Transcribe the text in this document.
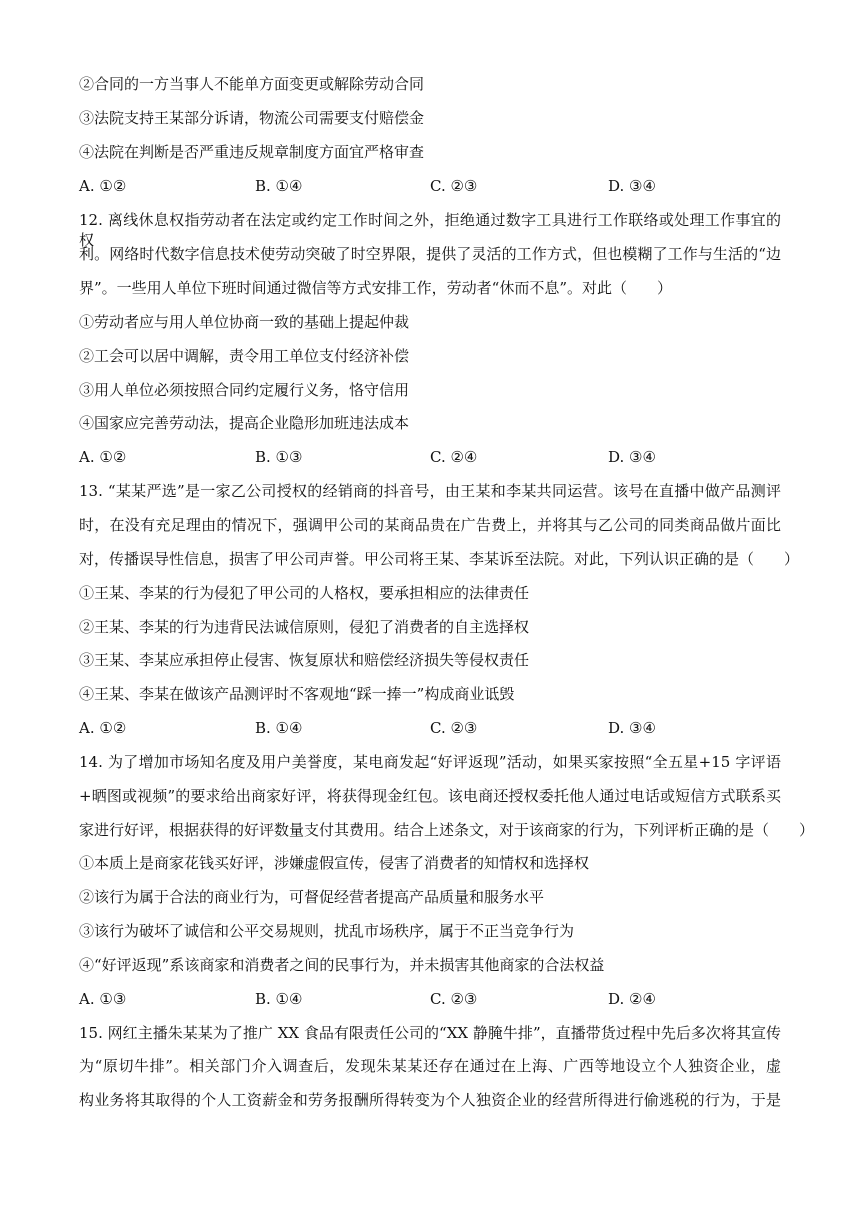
②合同的一方当事人不能单方面变更或解除劳动合同
③法院支持王某部分诉请，物流公司需要支付赔偿金
④法院在判断是否严重违反规章制度方面宜严格审查
A. ①②	B. ①④	C. ②③	D. ③④
12. 离线休息权指劳动者在法定或约定工作时间之外，拒绝通过数字工具进行工作联络或处理工作事宜的权
利。网络时代数字信息技术使劳动突破了时空界限，提供了灵活的工作方式，但也模糊了工作与生活的“边
界”。一些用人单位下班时间通过微信等方式安排工作，劳动者“休而不息”。对此（　　）
①劳动者应与用人单位协商一致的基础上提起仲裁
②工会可以居中调解，责令用工单位支付经济补偿
③用人单位必须按照合同约定履行义务，恪守信用
④国家应完善劳动法，提高企业隐形加班违法成本
A. ①②	B. ①③	C. ②④	D. ③④
13. “某某严选”是一家乙公司授权的经销商的抖音号，由王某和李某共同运营。该号在直播中做产品测评
时，在没有充足理由的情况下，强调甲公司的某商品贵在广告费上，并将其与乙公司的同类商品做片面比
对，传播误导性信息，损害了甲公司声誉。甲公司将王某、李某诉至法院。对此，下列认识正确的是（　　）
①王某、李某的行为侵犯了甲公司的人格权，要承担相应的法律责任
②王某、李某的行为违背民法诚信原则，侵犯了消费者的自主选择权
③王某、李某应承担停止侵害、恢复原状和赔偿经济损失等侵权责任
④王某、李某在做该产品测评时不客观地“踩一捧一”构成商业诋毁
A. ①②	B. ①④	C. ②③	D. ③④
14. 为了增加市场知名度及用户美誉度，某电商发起“好评返现”活动，如果买家按照“全五星+15 字评语
+晒图或视频”的要求给出商家好评，将获得现金红包。该电商还授权委托他人通过电话或短信方式联系买
家进行好评，根据获得的好评数量支付其费用。结合上述条文，对于该商家的行为，下列评析正确的是（　　）
①本质上是商家花钱买好评，涉嫌虚假宣传，侵害了消费者的知情权和选择权
②该行为属于合法的商业行为，可督促经营者提高产品质量和服务水平
③该行为破坏了诚信和公平交易规则，扰乱市场秩序，属于不正当竞争行为
④“好评返现”系该商家和消费者之间的民事行为，并未损害其他商家的合法权益
A. ①③	B. ①④	C. ②③	D. ②④
15. 网红主播朱某某为了推广 XX 食品有限责任公司的“XX 静腌牛排”，直播带货过程中先后多次将其宣传
为“原切牛排”。相关部门介入调查后，发现朱某某还存在通过在上海、广西等地设立个人独资企业，虚
构业务将其取得的个人工资薪金和劳务报酬所得转变为个人独资企业的经营所得进行偷逃税的行为，于是
